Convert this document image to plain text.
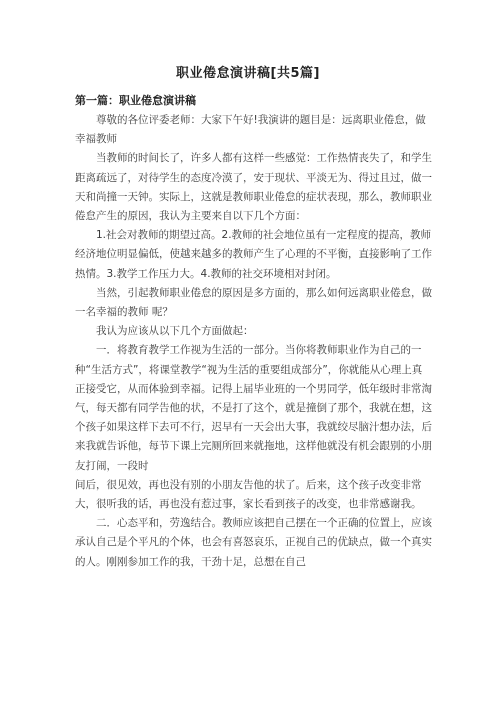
职业倦怠演讲稿[共5篇]

第一篇：职业倦怠演讲稿

尊敬的各位评委老师：大家下午好!我演讲的题目是：远离职业倦怠，做幸福教师

当教师的时间长了，许多人都有这样一些感觉：工作热情丧失了，和学生距离疏远了，对待学生的态度冷漠了，安于现状、平淡无为、得过且过，做一天和尚撞一天钟。实际上，这就是教师职业倦怠的症状表现，那么，教师职业倦怠产生的原因，我认为主要来自以下几个方面：

1.社会对教师的期望过高。2.教师的社会地位虽有一定程度的提高，教师经济地位明显偏低，使越来越多的教师产生了心理的不平衡，直接影响了工作热情。3.教学工作压力大。4.教师的社交环境相对封闭。

当然，引起教师职业倦怠的原因是多方面的，那么如何远离职业倦怠，做一名幸福的教师 呢？

我认为应该从以下几个方面做起：

一．将教育教学工作视为生活的一部分。当你将教师职业作为自己的一种“生活方式”，将课堂教学“视为生活的重要组成部分”，你就能从心理上真正接受它，从而体验到幸福。记得上届毕业班的一个男同学，低年级时非常淘气，每天都有同学告他的状，不是打了这个，就是撞倒了那个，我就在想，这个孩子如果这样下去可不行，迟早有一天会出大事，我就绞尽脑汁想办法，后来我就告诉他，每节下课上完厕所回来就拖地，这样他就没有机会跟别的小朋友打闹，一段时

间后，很见效，再也没有别的小朋友告他的状了。后来，这个孩子改变非常大，很听我的话，再也没有惹过事，家长看到孩子的改变，也非常感谢我。

二．心态平和，劳逸结合。教师应该把自己摆在一个正确的位置上，应该承认自己是个平凡的个体，也会有喜怒哀乐，正视自己的优缺点，做一个真实的人。刚刚参加工作的我，干劲十足，总想在自己
